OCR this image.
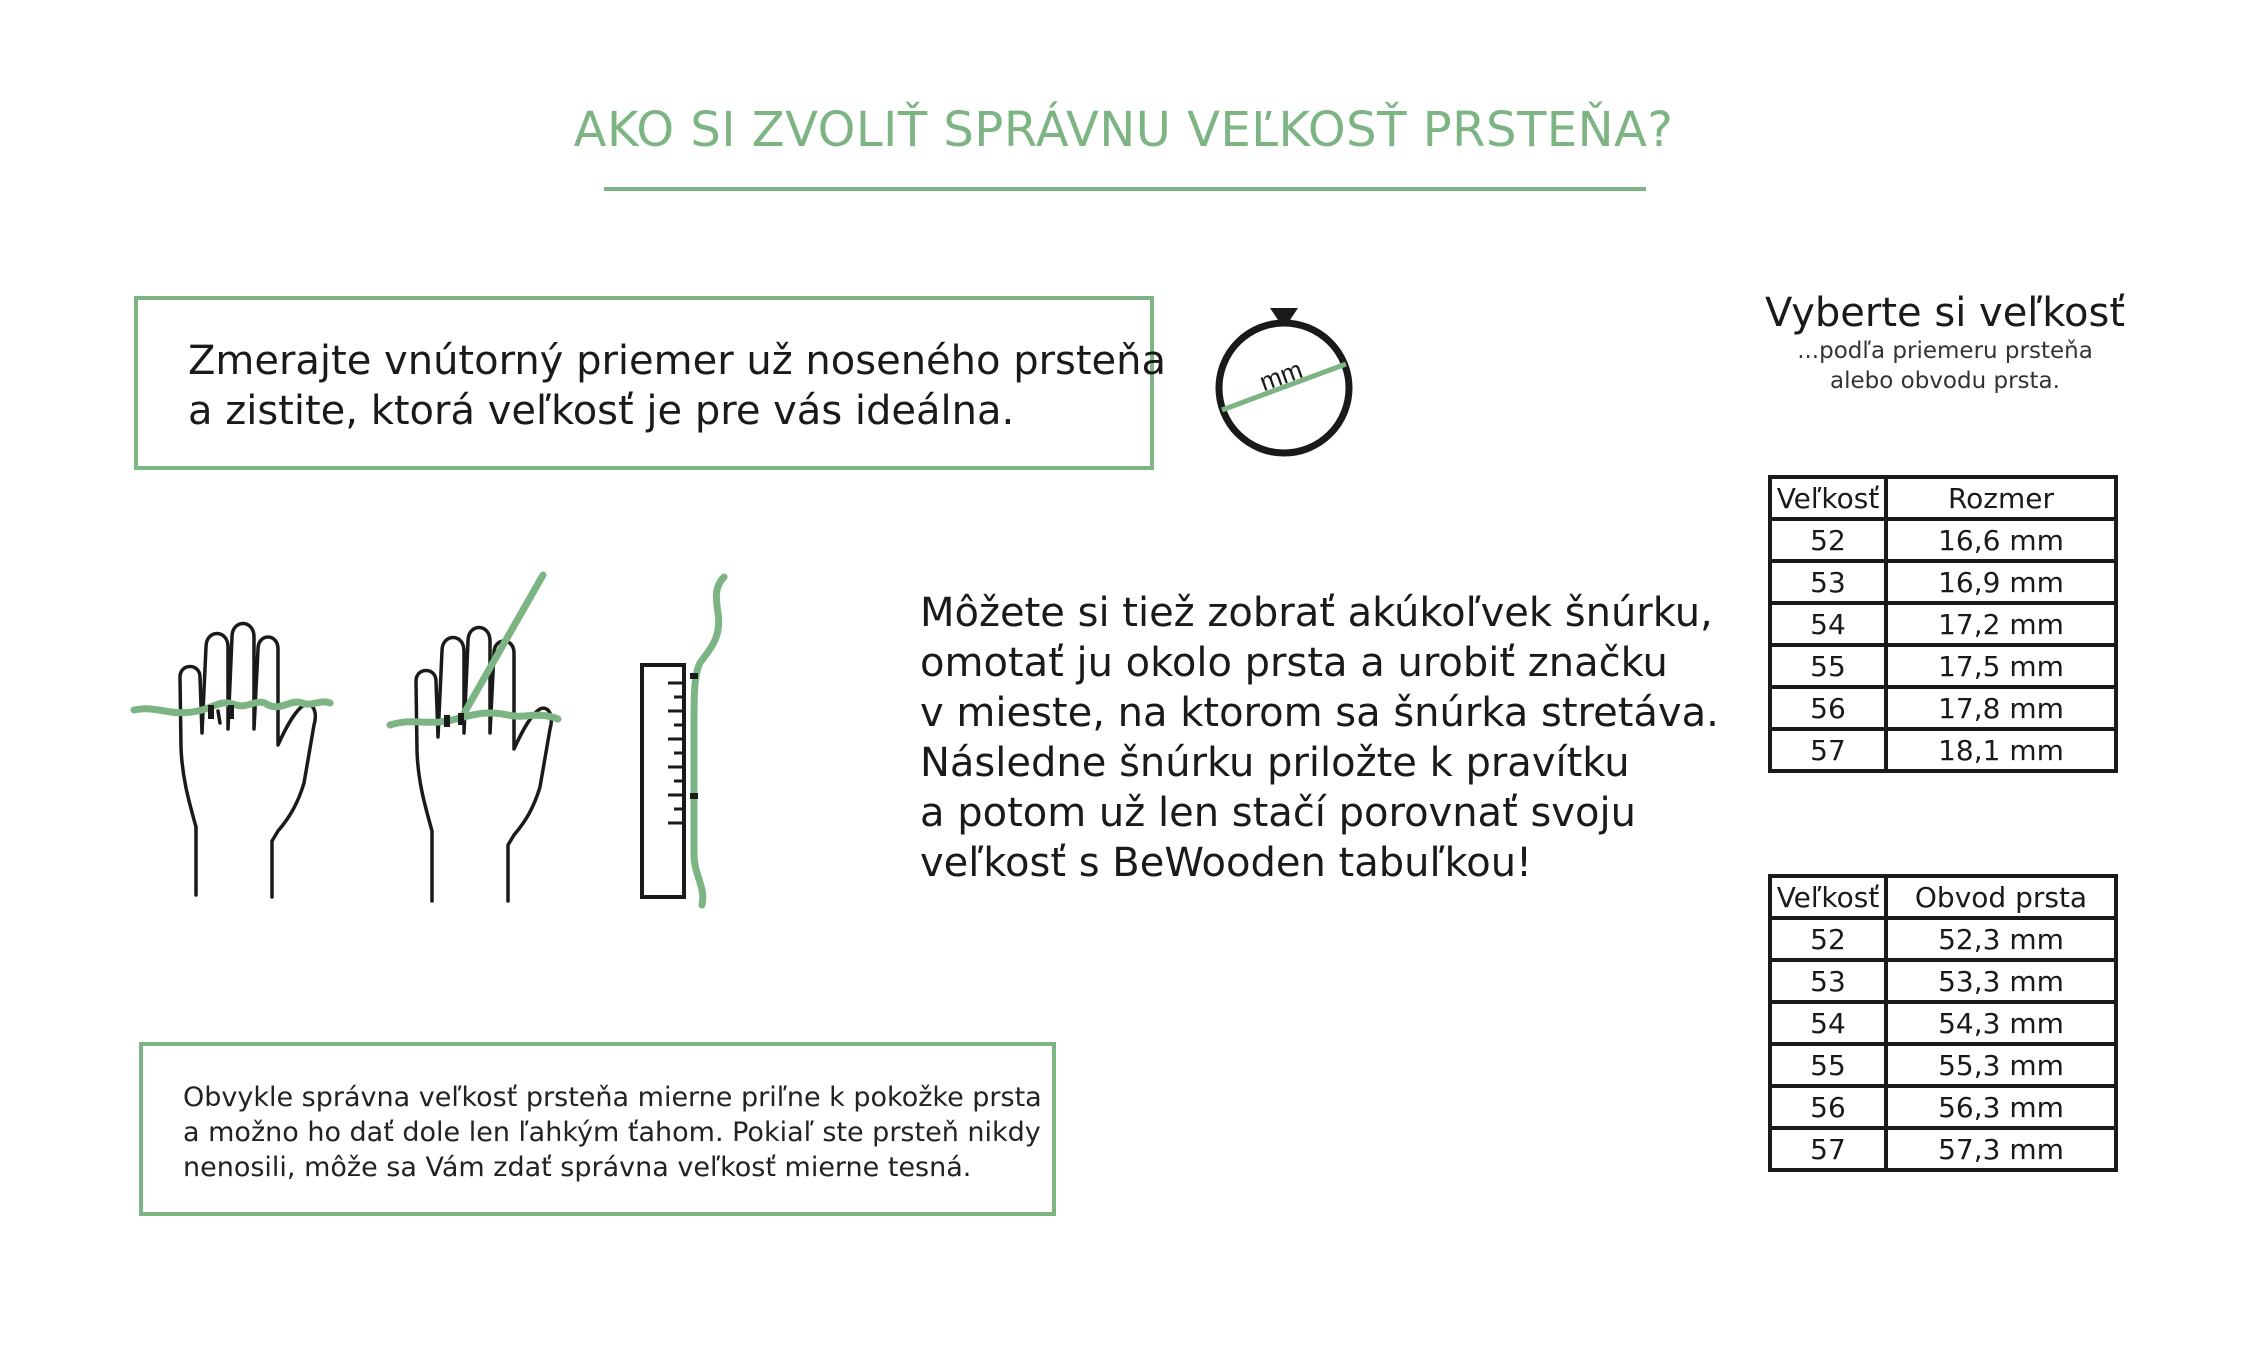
AKO SI ZVOLIŤ SPRÁVNU VEĽKOSŤ PRSTEŇA?
Zmerajte vnútorný priemer už noseného prsteňa
a zistite, ktorá veľkosť je pre vás ideálna.
mm
Môžete si tiež zobrať akúkoľvek šnúrku,
omotať ju okolo prsta a urobiť značku
v mieste, na ktorom sa šnúrka stretáva.
Následne šnúrku priložte k pravítku
a potom už len stačí porovnať svoju
veľkosť s BeWooden tabuľkou!
Obvykle správna veľkosť prsteňa mierne priľne k pokožke prsta
a možno ho dať dole len ľahkým ťahom. Pokiaľ ste prsteň nikdy
nenosili, môže sa Vám zdať správna veľkosť mierne tesná.
Vyberte si veľkosť
...podľa priemeru prsteňa
alebo obvodu prsta.
Veľkosť	Rozmer
52	16,6 mm
53	16,9 mm
54	17,2 mm
55	17,5 mm
56	17,8 mm
57	18,1 mm
Veľkosť	Obvod prsta
52	52,3 mm
53	53,3 mm
54	54,3 mm
55	55,3 mm
56	56,3 mm
57	57,3 mm
